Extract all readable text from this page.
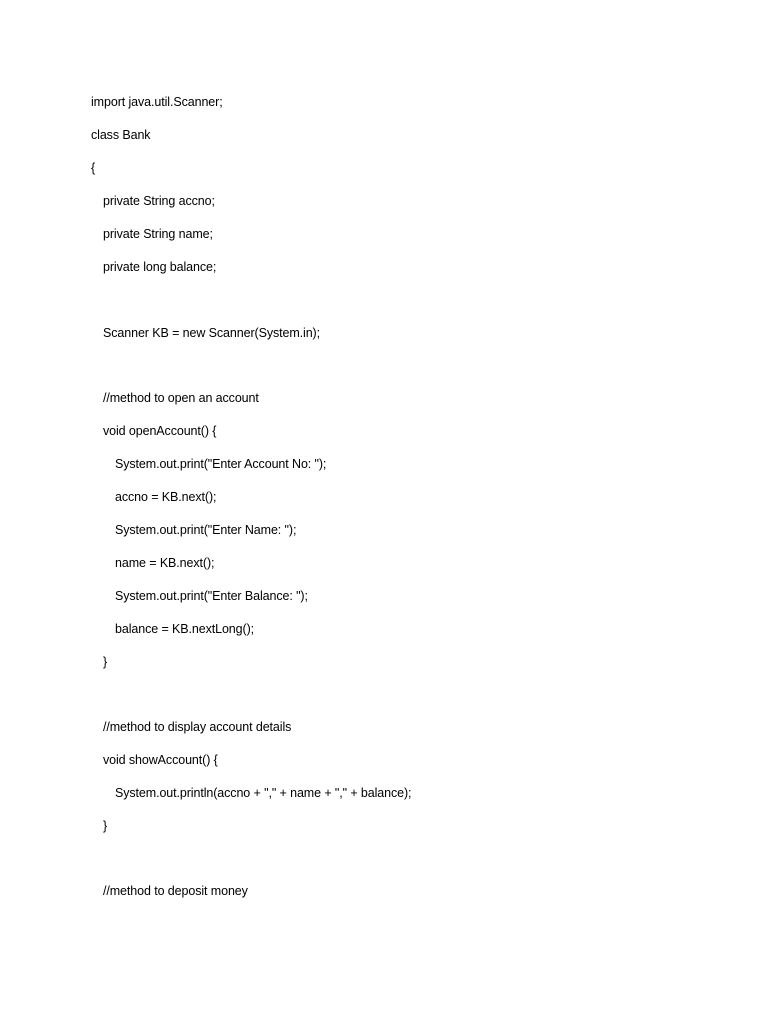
import java.util.Scanner;
class Bank
{
private String accno;
private String name;
private long balance;
Scanner KB = new Scanner(System.in);
//method to open an account
void openAccount() {
System.out.print("Enter Account No: ");
accno = KB.next();
System.out.print("Enter Name: ");
name = KB.next();
System.out.print("Enter Balance: ");
balance = KB.nextLong();
}
//method to display account details
void showAccount() {
System.out.println(accno + "," + name + "," + balance);
}
//method to deposit money
